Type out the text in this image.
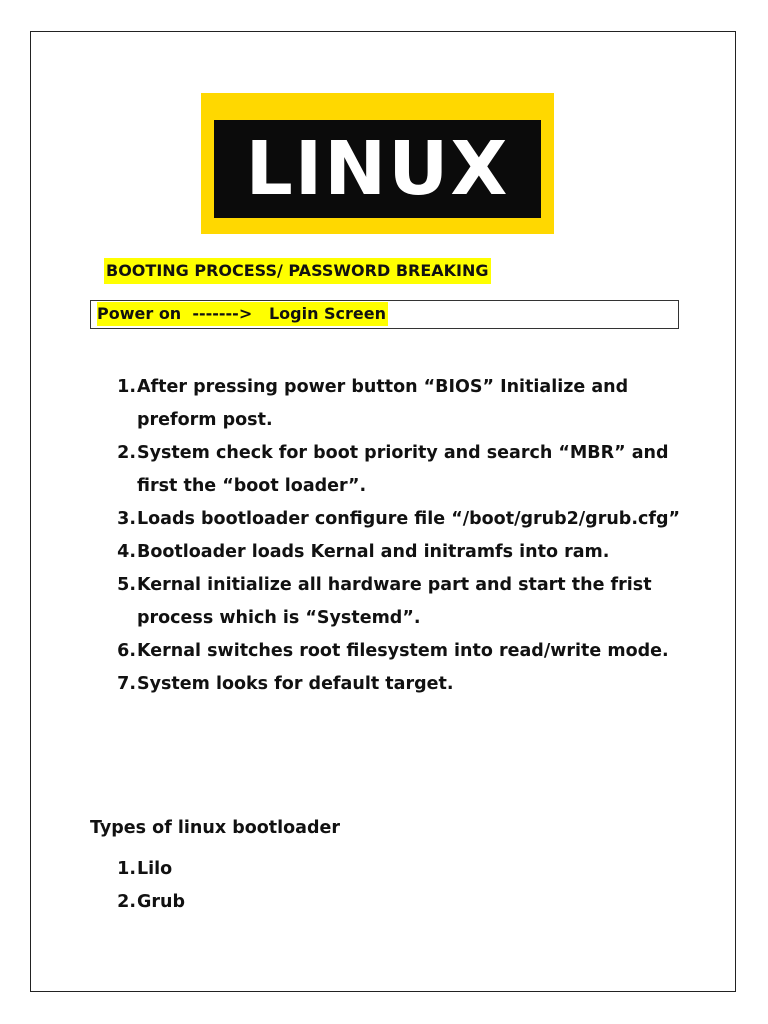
LINUX
BOOTING PROCESS/ PASSWORD BREAKING
Power on  ------->   Login Screen
1. After pressing power button “BIOS” Initialize and preform post.
2. System check for boot priority and search “MBR” and first the “boot loader”.
3. Loads bootloader configure file “/boot/grub2/grub.cfg”
4. Bootloader loads Kernal and initramfs into ram.
5. Kernal initialize all hardware part and start the frist process which is “Systemd”.
6. Kernal switches root filesystem into read/write mode.
7. System looks for default target.
Types of linux bootloader
1. Lilo
2. Grub
